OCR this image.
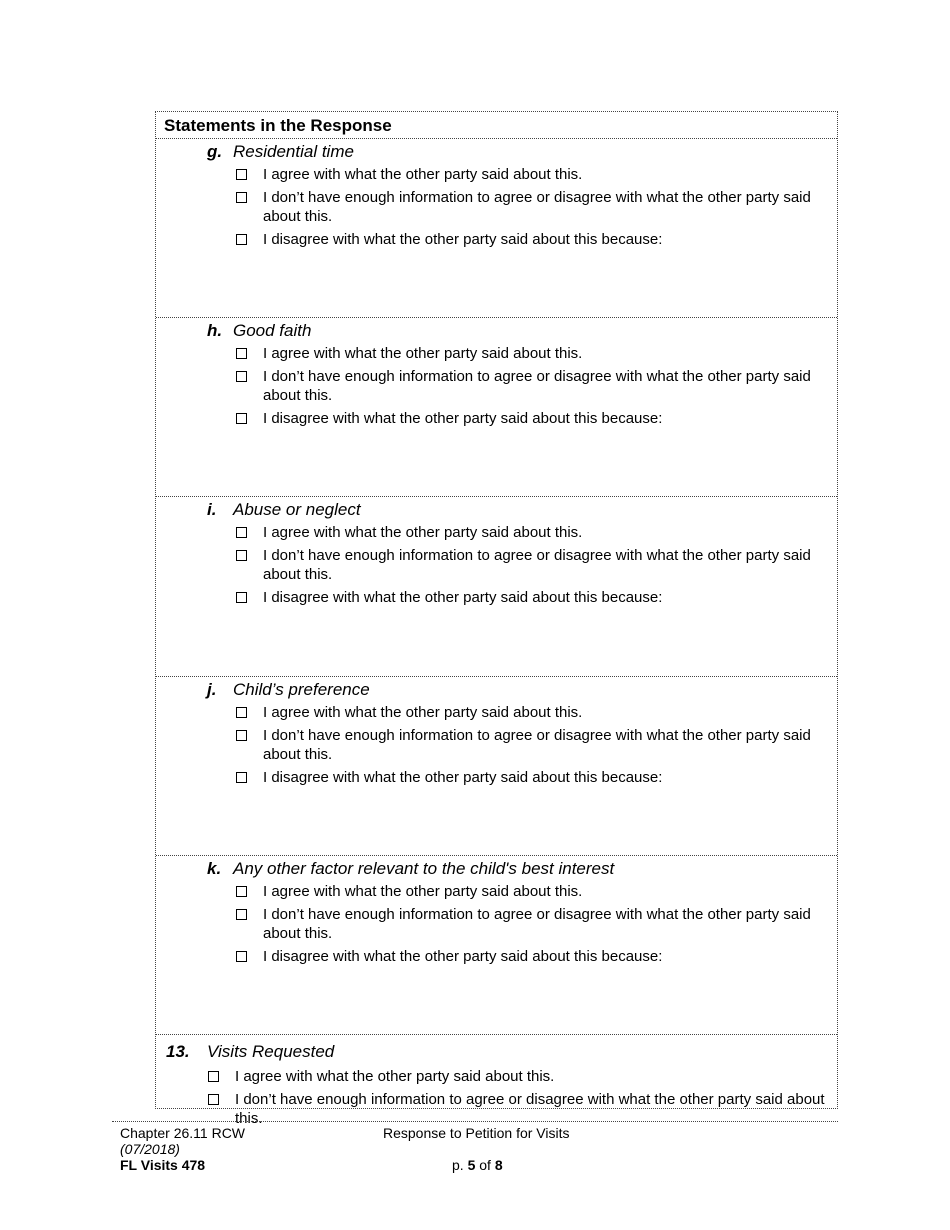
Statements in the Response
g. Residential time
I agree with what the other party said about this.
I don’t have enough information to agree or disagree with what the other party said about this.
I disagree with what the other party said about this because:
h. Good faith
I agree with what the other party said about this.
I don’t have enough information to agree or disagree with what the other party said about this.
I disagree with what the other party said about this because:
i. Abuse or neglect
I agree with what the other party said about this.
I don’t have enough information to agree or disagree with what the other party said about this.
I disagree with what the other party said about this because:
j. Child’s preference
I agree with what the other party said about this.
I don’t have enough information to agree or disagree with what the other party said about this.
I disagree with what the other party said about this because:
k. Any other factor relevant to the child's best interest
I agree with what the other party said about this.
I don’t have enough information to agree or disagree with what the other party said about this.
I disagree with what the other party said about this because:
13. Visits Requested
I agree with what the other party said about this.
I don’t have enough information to agree or disagree with what the other party said about this.
Chapter 26.11 RCW
(07/2018)
FL Visits 478
Response to Petition for Visits
p. 5 of 8
